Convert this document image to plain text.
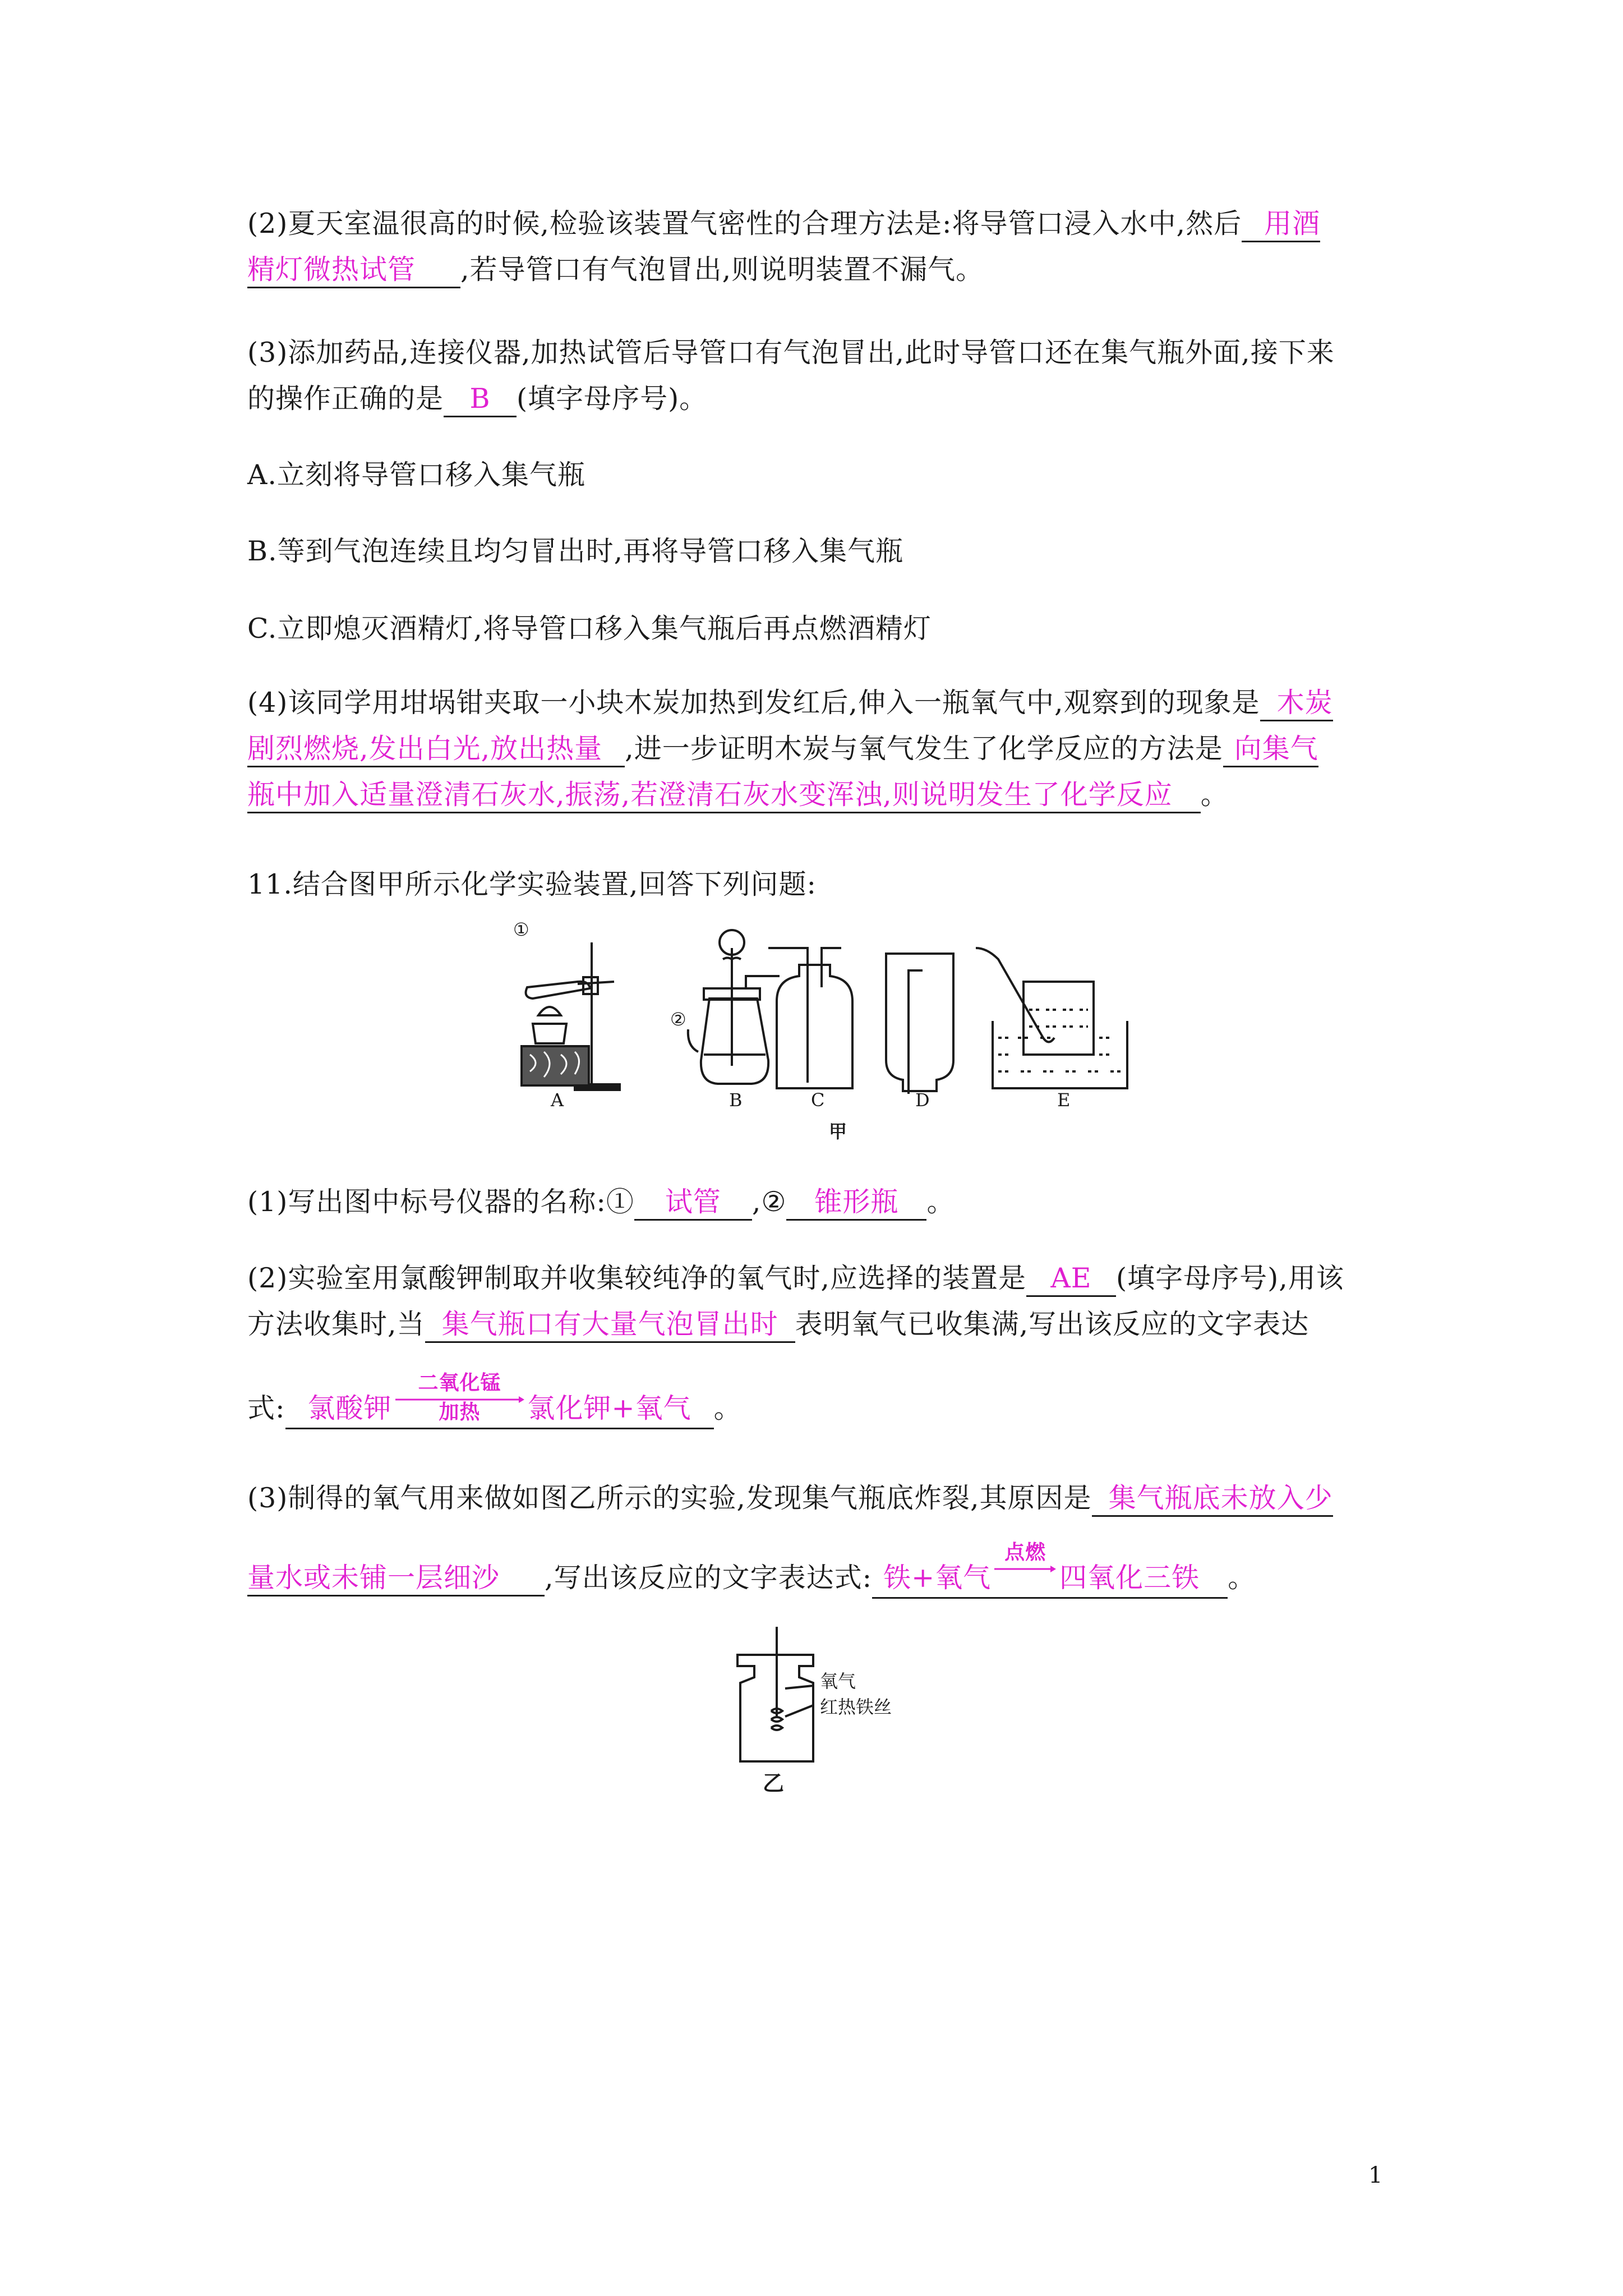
(2)夏天室温很高的时候,检验该装置气密性的合理方法是:将导管口浸入水中,然后 用酒
精灯微热试管 ,若导管口有气泡冒出,则说明装置不漏气。
(3)添加药品,连接仪器,加热试管后导管口有气泡冒出,此时导管口还在集气瓶外面,接下来
的操作正确的是 B (填字母序号)。
A.立刻将导管口移入集气瓶
B.等到气泡连续且均匀冒出时,再将导管口移入集气瓶
C.立即熄灭酒精灯,将导管口移入集气瓶后再点燃酒精灯
(4)该同学用坩埚钳夹取一小块木炭加热到发红后,伸入一瓶氧气中,观察到的现象是 木炭
剧烈燃烧,发出白光,放出热量 ,进一步证明木炭与氧气发生了化学反应的方法是 向集气
瓶中加入适量澄清石灰水,振荡,若澄清石灰水变浑浊,则说明发生了化学反应 。
11.结合图甲所示化学实验装置,回答下列问题:
①
②
A	B	C	D	E
甲
(1)写出图中标号仪器的名称:① 试管 ,② 锥形瓶 。
(2)实验室用氯酸钾制取并收集较纯净的氧气时,应选择的装置是 AE (填字母序号),用该
方法收集时,当 集气瓶口有大量气泡冒出时 表明氧气已收集满,写出该反应的文字表达
式: 氯酸钾
二氧化锰
加热	氯化钾+氧气 。
(3)制得的氧气用来做如图乙所示的实验,发现集气瓶底炸裂,其原因是 集气瓶底未放入少
量水或未铺一层细沙 ,写出该反应的文字表达式: 铁+氧气
点燃
四氧化三铁 。
氧气
红热铁丝
乙
1
